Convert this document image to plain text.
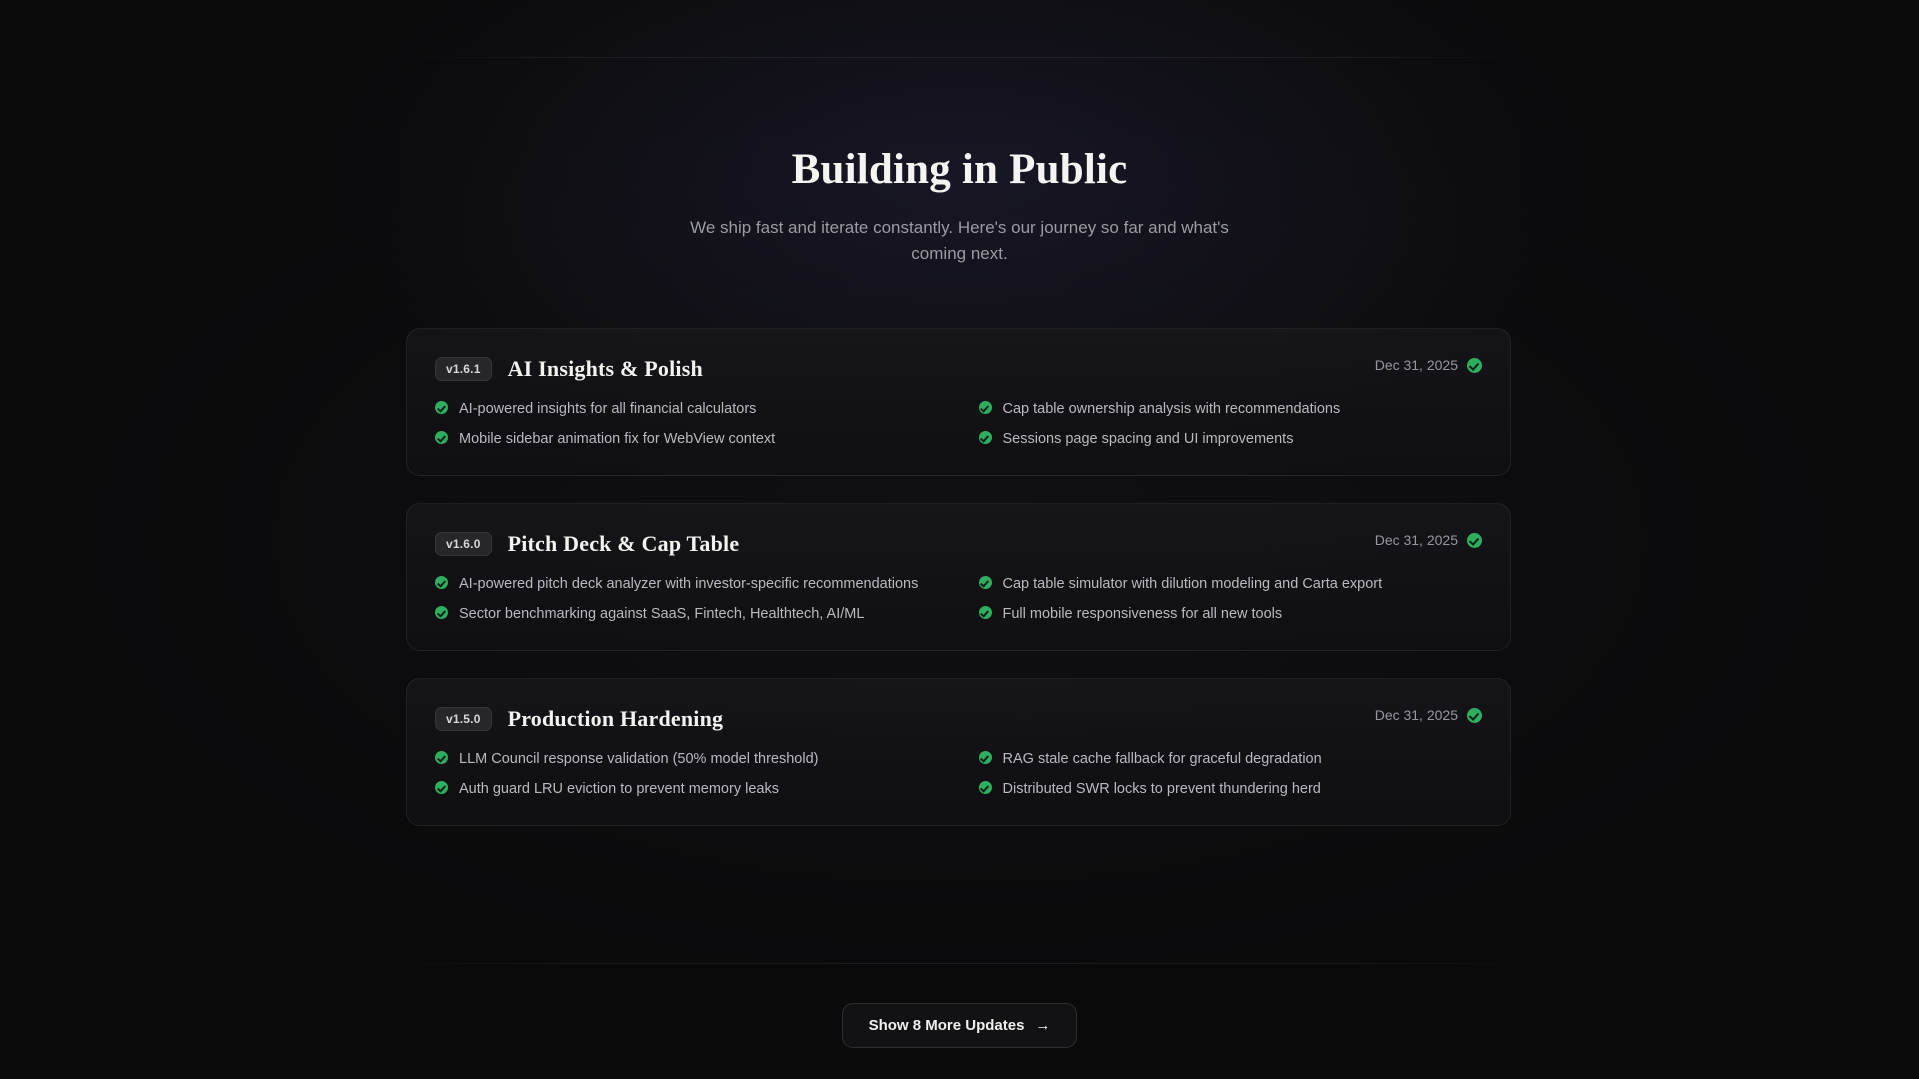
Building in Public
We ship fast and iterate constantly. Here's our journey so far and what's coming next.
v1.6.1	AI Insights & Polish	Dec 31, 2025
AI-powered insights for all financial calculators	Cap table ownership analysis with recommendations
Mobile sidebar animation fix for WebView context	Sessions page spacing and UI improvements
v1.6.0	Pitch Deck & Cap Table	Dec 31, 2025
AI-powered pitch deck analyzer with investor-specific recommendations	Cap table simulator with dilution modeling and Carta export
Sector benchmarking against SaaS, Fintech, Healthtech, AI/ML	Full mobile responsiveness for all new tools
v1.5.0	Production Hardening	Dec 31, 2025
LLM Council response validation (50% model threshold)	RAG stale cache fallback for graceful degradation
Auth guard LRU eviction to prevent memory leaks	Distributed SWR locks to prevent thundering herd
Show 8 More Updates →
